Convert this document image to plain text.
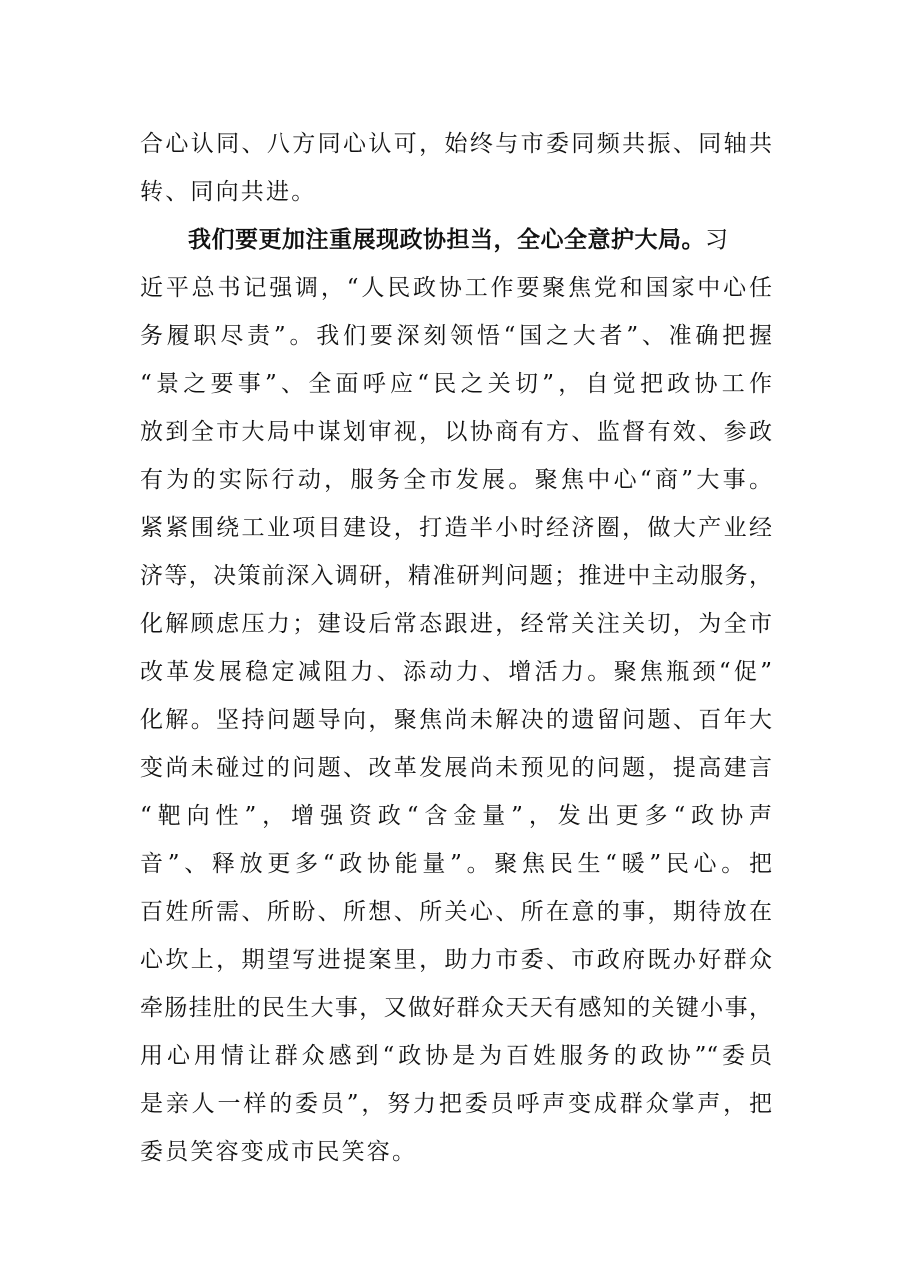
合心认同、八方同心认可，始终与市委同频共振、同轴共
转、同向共进。
我们要更加注重展现政协担当，全心全意护大局。习
近平总书记强调，“人民政协工作要聚焦党和国家中心任
务履职尽责”。我们要深刻领悟“国之大者”、准确把握
“景之要事”、全面呼应“民之关切”，自觉把政协工作
放到全市大局中谋划审视，以协商有方、监督有效、参政
有为的实际行动，服务全市发展。聚焦中心“商”大事。
紧紧围绕工业项目建设，打造半小时经济圈，做大产业经
济等，决策前深入调研，精准研判问题；推进中主动服务，
化解顾虑压力；建设后常态跟进，经常关注关切，为全市
改革发展稳定减阻力、添动力、增活力。聚焦瓶颈“促”
化解。坚持问题导向，聚焦尚未解决的遗留问题、百年大
变尚未碰过的问题、改革发展尚未预见的问题，提高建言
“靶向性”，增强资政“含金量”，发出更多“政协声
音”、释放更多“政协能量”。聚焦民生“暖”民心。把
百姓所需、所盼、所想、所关心、所在意的事，期待放在
心坎上，期望写进提案里，助力市委、市政府既办好群众
牵肠挂肚的民生大事，又做好群众天天有感知的关键小事，
用心用情让群众感到“政协是为百姓服务的政协”“委员
是亲人一样的委员”，努力把委员呼声变成群众掌声，把
委员笑容变成市民笑容。
